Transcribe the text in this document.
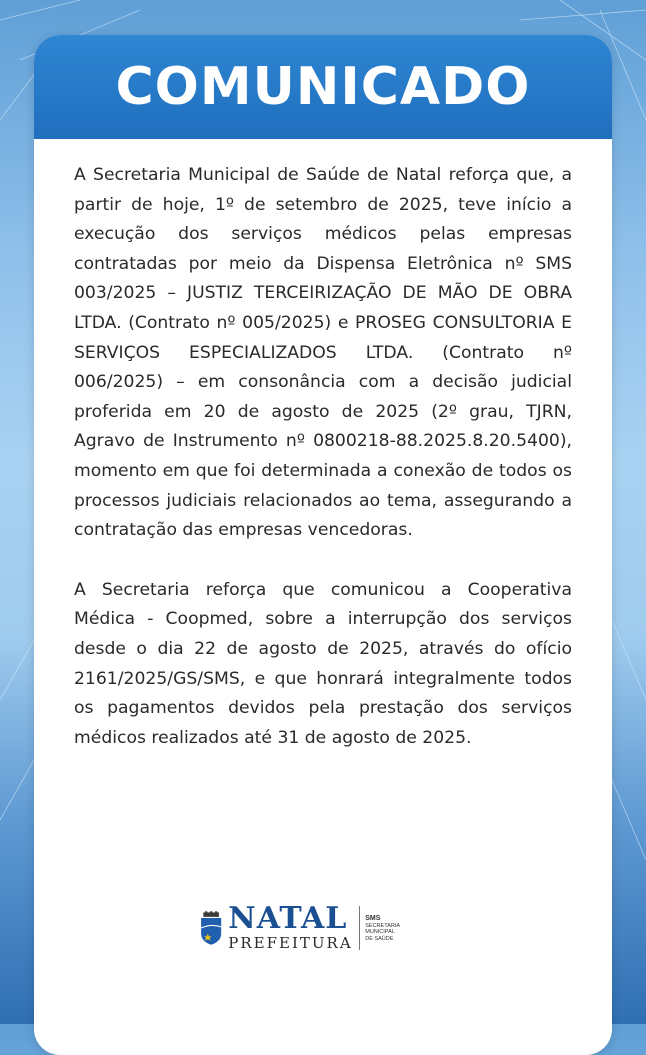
COMUNICADO

A Secretaria Municipal de Saúde de Natal reforça que, a partir de hoje, 1º de setembro de 2025, teve início a execução dos serviços médicos pelas empresas contratadas por meio da Dispensa Eletrônica nº SMS 003/2025 – JUSTIZ TERCEIRIZAÇÃO DE MÃO DE OBRA LTDA. (Contrato nº 005/2025) e PROSEG CONSULTORIA E SERVIÇOS ESPECIALIZADOS LTDA. (Contrato nº 006/2025) – em consonância com a decisão judicial proferida em 20 de agosto de 2025 (2º grau, TJRN, Agravo de Instrumento nº 0800218-88.2025.8.20.5400), momento em que foi determinada a conexão de todos os processos judiciais relacionados ao tema, assegurando a contratação das empresas vencedoras.

A Secretaria reforça que comunicou a Cooperativa Médica - Coopmed, sobre a interrupção dos serviços desde o dia 22 de agosto de 2025, através do ofício 2161/2025/GS/SMS, e que honrará integralmente todos os pagamentos devidos pela prestação dos serviços médicos realizados até 31 de agosto de 2025.

NATAL
PREFEITURA
SMS
SECRETARIA
MUNICIPAL
DE SAÚDE
